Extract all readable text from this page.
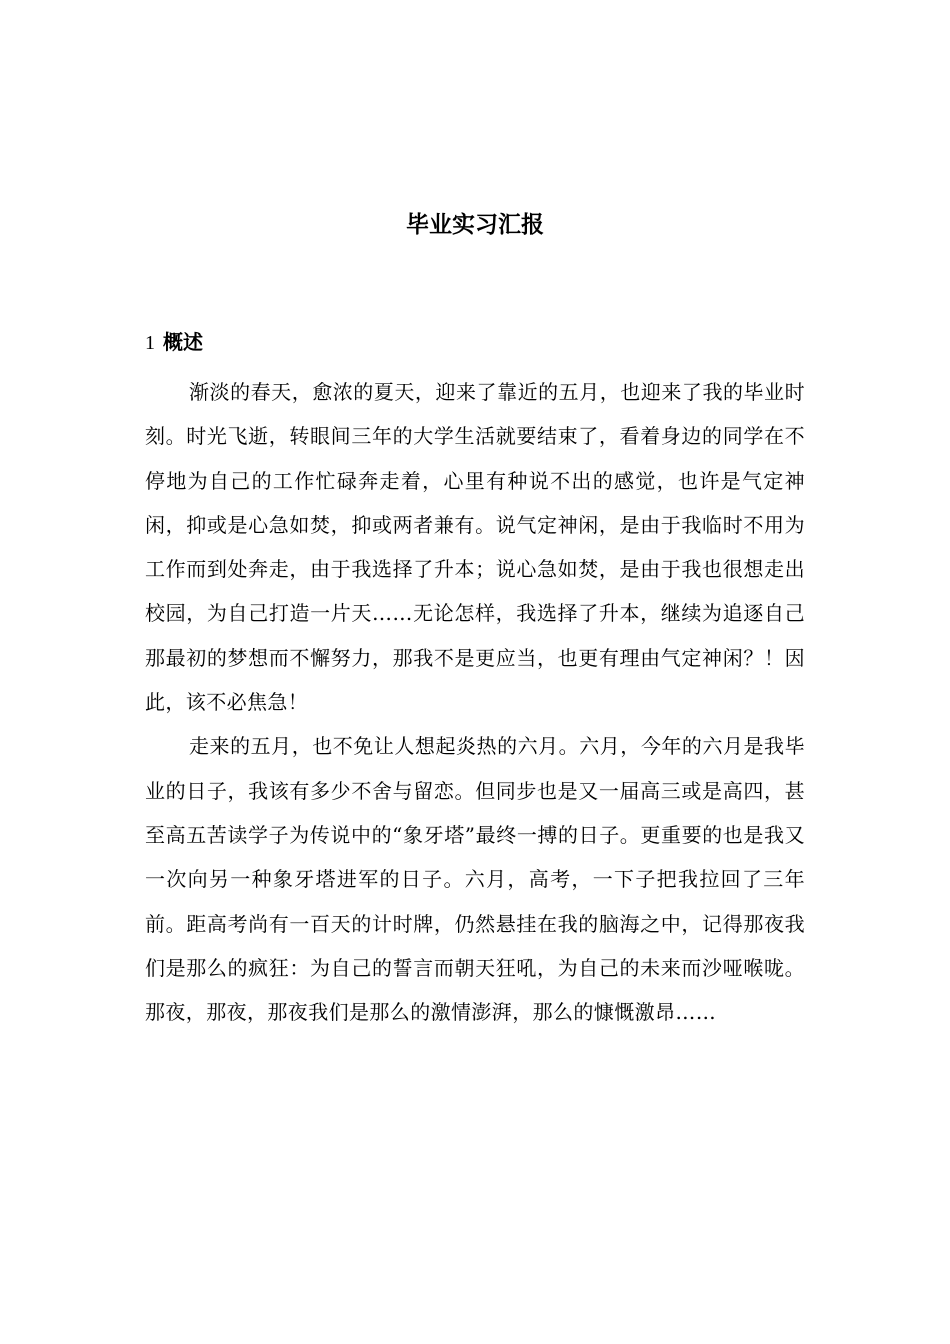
毕业实习汇报
1 概述

渐淡的春天，愈浓的夏天，迎来了靠近的五月，也迎来了我的毕业时刻。时光飞逝，转眼间三年的大学生活就要结束了，看着身边的同学在不停地为自己的工作忙碌奔走着，心里有种说不出的感觉，也许是气定神闲，抑或是心急如焚，抑或两者兼有。说气定神闲，是由于我临时不用为工作而到处奔走，由于我选择了升本；说心急如焚，是由于我也很想走出校园，为自己打造一片天……无论怎样，我选择了升本，继续为追逐自己那最初的梦想而不懈努力，那我不是更应当，也更有理由气定神闲？！因此，该不必焦急！

走来的五月，也不免让人想起炎热的六月。六月，今年的六月是我毕业的日子，我该有多少不舍与留恋。但同步也是又一届高三或是高四，甚至高五苦读学子为传说中的“象牙塔”最终一搏的日子。更重要的也是我又一次向另一种象牙塔进军的日子。六月，高考，一下子把我拉回了三年前。距高考尚有一百天的计时牌，仍然悬挂在我的脑海之中，记得那夜我们是那么的疯狂：为自己的誓言而朝天狂吼，为自己的未来而沙哑喉咙。那夜，那夜，那夜我们是那么的激情澎湃，那么的慷慨激昂……
